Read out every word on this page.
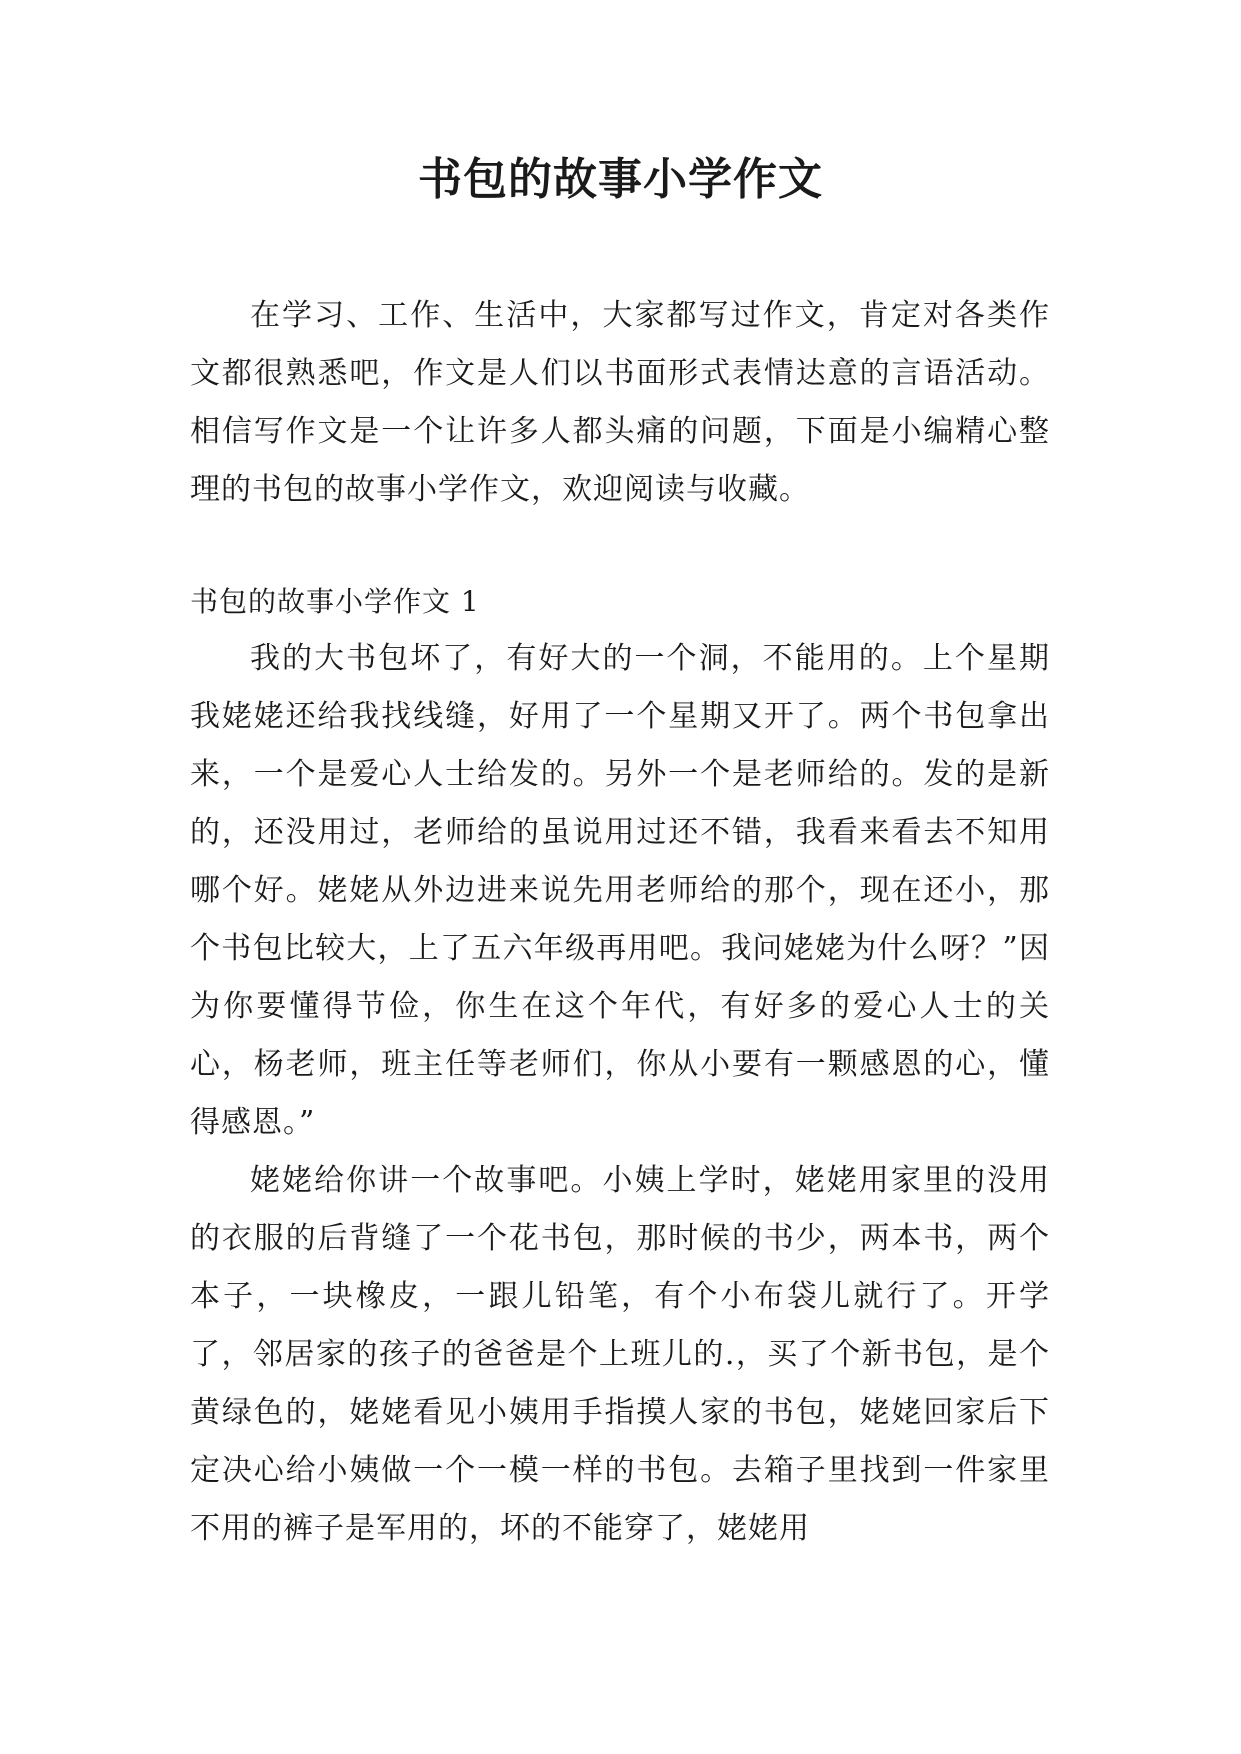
书包的故事小学作文

在学习、工作、生活中，大家都写过作文，肯定对各类作文都很熟悉吧，作文是人们以书面形式表情达意的言语活动。相信写作文是一个让许多人都头痛的问题，下面是小编精心整理的书包的故事小学作文，欢迎阅读与收藏。

书包的故事小学作文 1

我的大书包坏了，有好大的一个洞，不能用的。上个星期我姥姥还给我找线缝，好用了一个星期又开了。两个书包拿出来，一个是爱心人士给发的。另外一个是老师给的。发的是新的，还没用过，老师给的虽说用过还不错，我看来看去不知用哪个好。姥姥从外边进来说先用老师给的那个，现在还小，那个书包比较大，上了五六年级再用吧。我问姥姥为什么呀？”因为你要懂得节俭，你生在这个年代，有好多的爱心人士的关心，杨老师，班主任等老师们，你从小要有一颗感恩的心，懂得感恩。”

姥姥给你讲一个故事吧。小姨上学时，姥姥用家里的没用的衣服的后背缝了一个花书包，那时候的书少，两本书，两个本子，一块橡皮，一跟儿铅笔，有个小布袋儿就行了。开学了，邻居家的孩子的爸爸是个上班儿的.，买了个新书包，是个黄绿色的，姥姥看见小姨用手指摸人家的书包，姥姥回家后下定决心给小姨做一个一模一样的书包。去箱子里找到一件家里不用的裤子是军用的，坏的不能穿了，姥姥用
